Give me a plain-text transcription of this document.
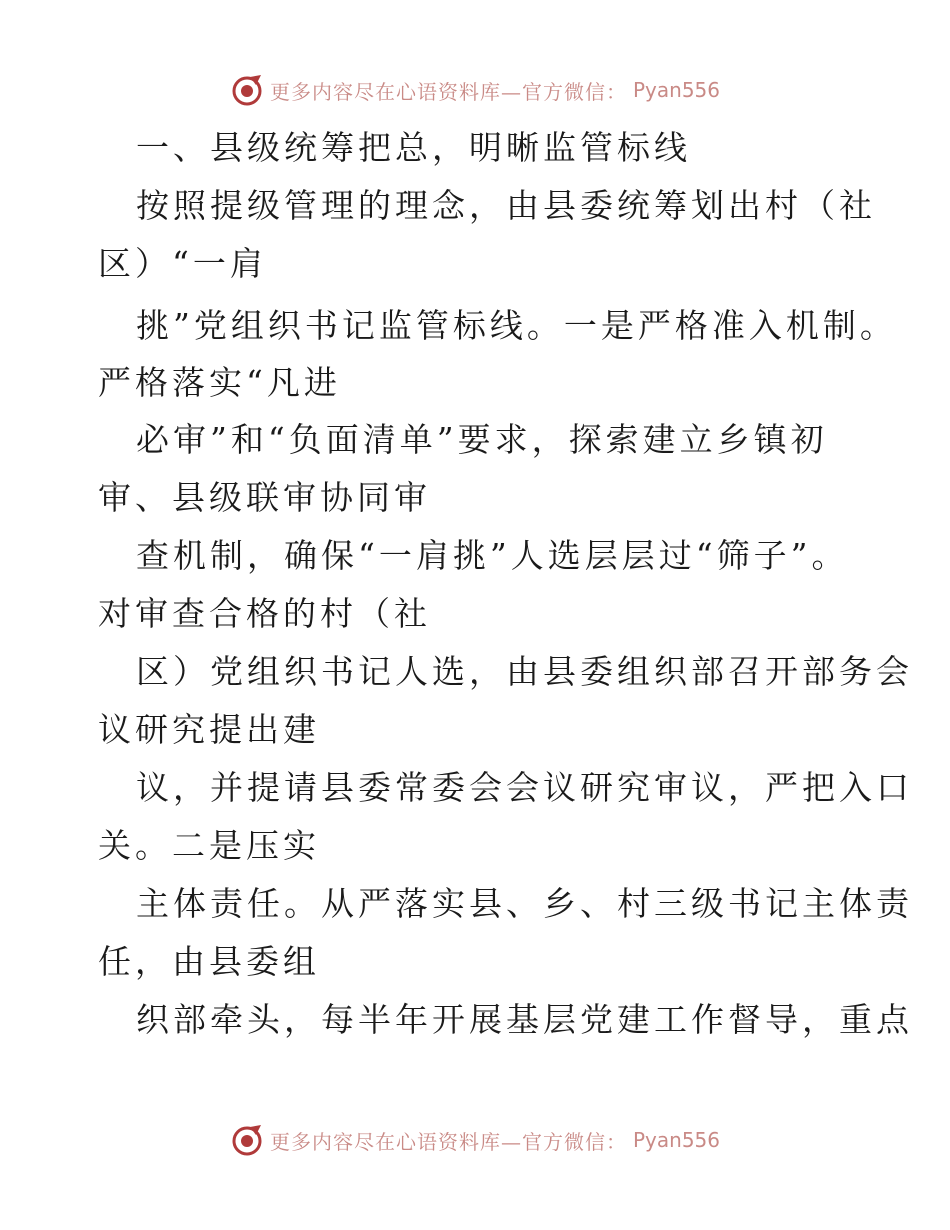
更多内容尽在心语资料库—官方微信： Pyan556
一、县级统筹把总，明晰监管标线
按照提级管理的理念，由县委统筹划出村（社
区）“一肩
挑”党组织书记监管标线。一是严格准入机制。
严格落实“凡进
必审”和“负面清单”要求，探索建立乡镇初
审、县级联审协同审
查机制，确保“一肩挑”人选层层过“筛子”。
对审查合格的村（社
区）党组织书记人选，由县委组织部召开部务会
议研究提出建
议，并提请县委常委会会议研究审议，严把入口
关。二是压实
主体责任。从严落实县、乡、村三级书记主体责
任，由县委组
织部牵头，每半年开展基层党建工作督导，重点
更多内容尽在心语资料库—官方微信： Pyan556
